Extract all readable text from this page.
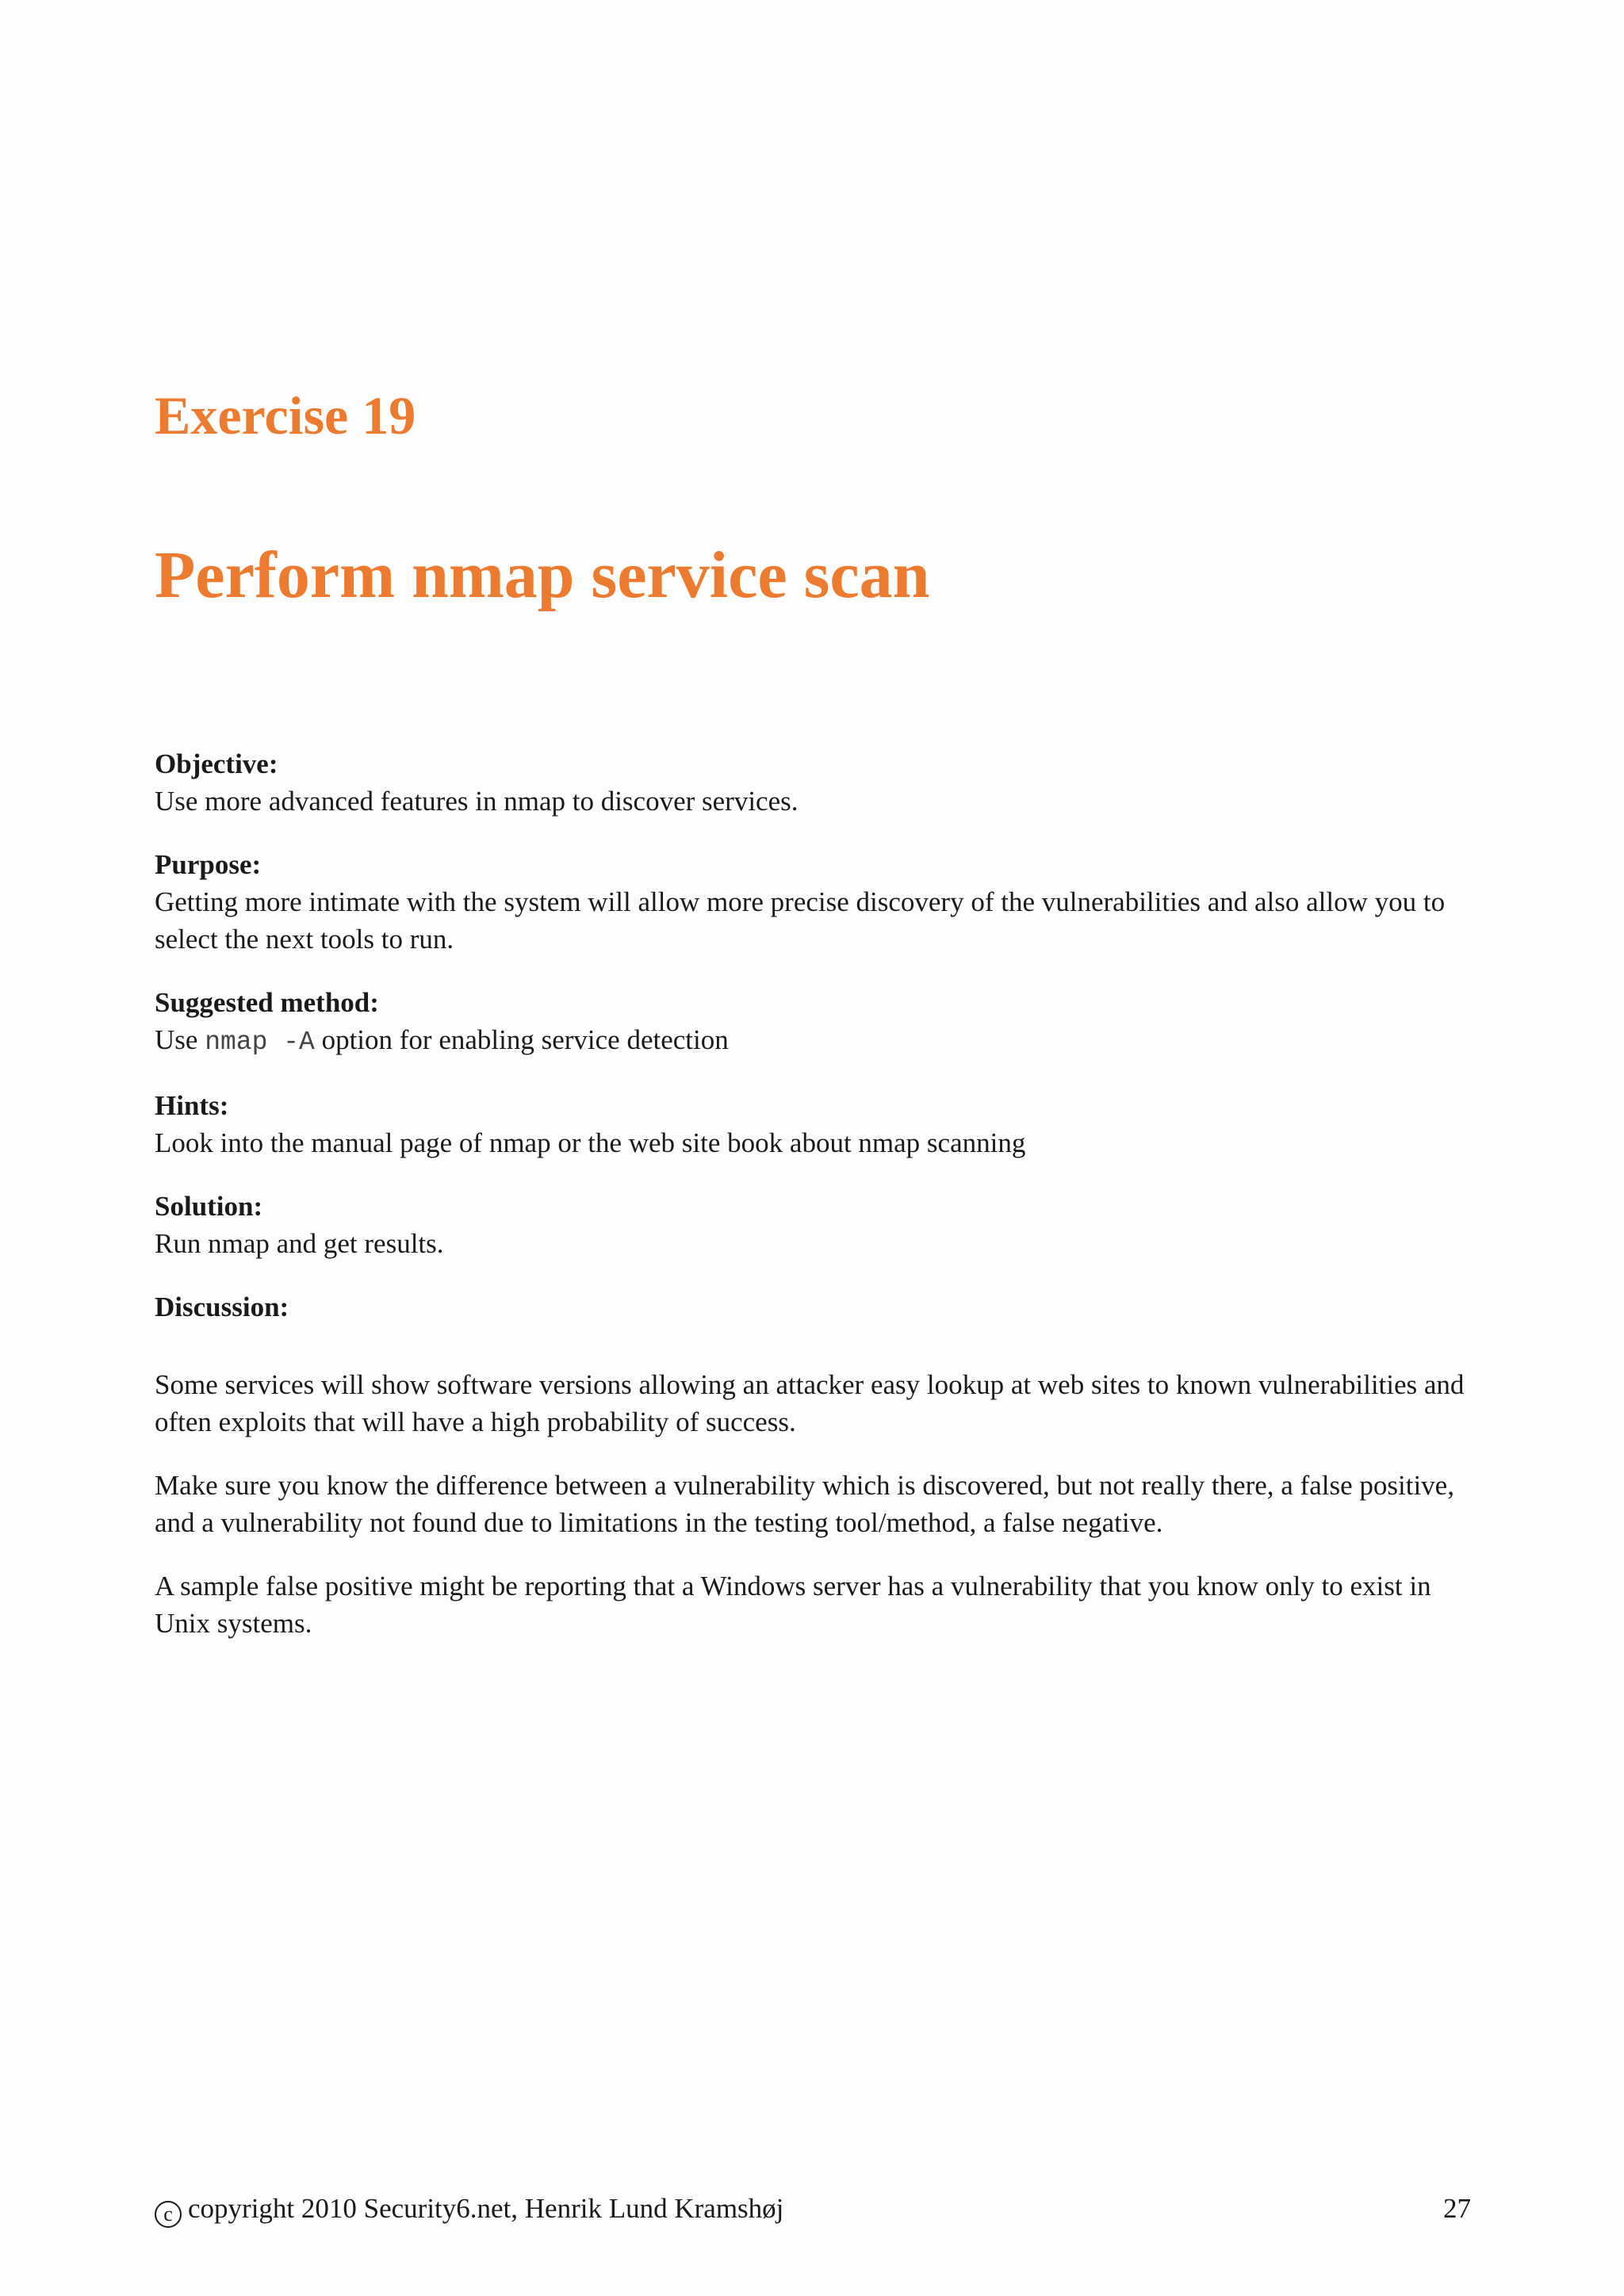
Exercise 19
Perform nmap service scan
Objective:
Use more advanced features in nmap to discover services.
Purpose:
Getting more intimate with the system will allow more precise discovery of the vulnerabilities and also allow you to select the next tools to run.
Suggested method:
Use nmap -A option for enabling service detection
Hints:
Look into the manual page of nmap or the web site book about nmap scanning
Solution:
Run nmap and get results.
Discussion:

Some services will show software versions allowing an attacker easy lookup at web sites to known vulnerabilities and often exploits that will have a high probability of success.

Make sure you know the difference between a vulnerability which is discovered, but not really there, a false positive, and a vulnerability not found due to limitations in the testing tool/method, a false negative.

A sample false positive might be reporting that a Windows server has a vulnerability that you know only to exist in Unix systems.

c copyright 2010 Security6.net, Henrik Lund Kramshøj	27
